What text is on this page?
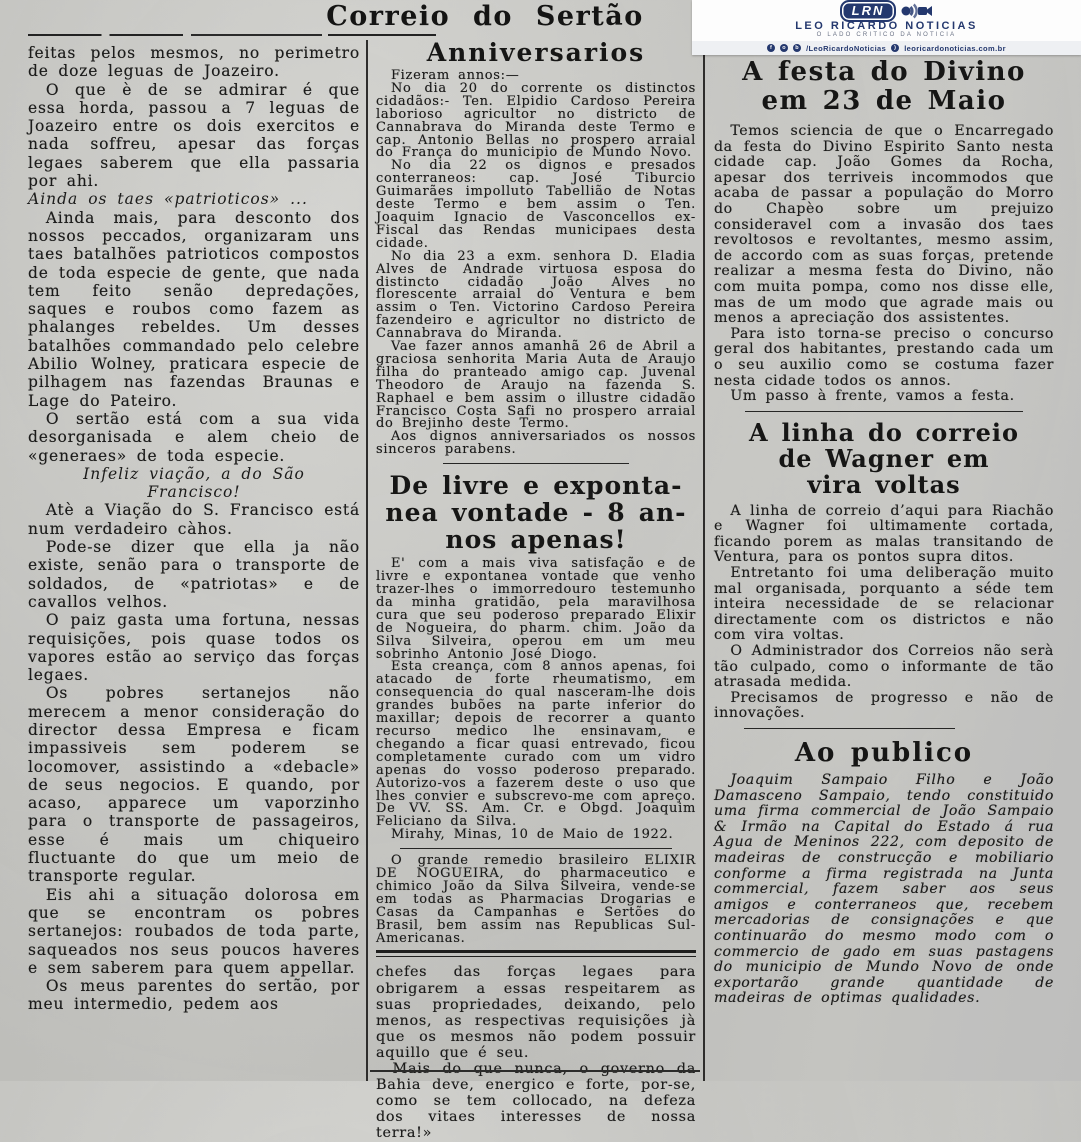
Correio do Sertão	LRN
LEO RICARDO NOTICIAS
O LADO CRITICO DA NOTICIA
f	o	b /LeoRicardoNoticias	)	leoricardonoticias.com.br

feitas pelos mesmos, no perimetro de doze leguas de Joazeiro.

O que è de se admirar é que essa horda, passou a 7 leguas de Joazeiro entre os dois exercitos e nada soffreu, apesar das forças legaes saberem que ella passaria por ahi.

Ainda os taes «patrioticos» ...

Ainda mais, para desconto dos nossos peccados, organizaram uns taes batalhões patrioticos compostos de toda especie de gente, que nada tem feito senão depredações, saques e roubos como fazem as phalanges rebeldes. Um desses batalhões commandado pelo celebre Abilio Wolney, praticara especie de pilhagem nas fazendas Braunas e Lage do Pateiro.

O sertão está com a sua vida desorganisada e alem cheio de «generaes» de toda especie.

Infeliz viação, a do São
Francisco!

Atè a Viação do S. Francisco está num verdadeiro càhos.

Pode-se dizer que ella ja não existe, senão para o transporte de soldados, de «patriotas» e de cavallos velhos.

O paiz gasta uma fortuna, nessas requisições, pois quase todos os vapores estão ao serviço das forças legaes.

Os pobres sertanejos não merecem a menor consideração do director dessa Empresa e ficam impassiveis sem poderem se locomover, assistindo a «debacle» de seus negocios. E quando, por acaso, apparece um vaporzinho para o transporte de passageiros, esse é mais um chiqueiro fluctuante do que um meio de transporte regular.

Eis ahi a situação dolorosa em que se encontram os pobres sertanejos: roubados de toda parte, saqueados nos seus poucos haveres e sem saberem para quem appellar.

Os meus parentes do sertão, por meu intermedio, pedem aos

Anniversarios

Fizeram annos:—

No dia 20 do corrente os distinctos cidadãos:- Ten. Elpidio Cardoso Pereira laborioso agricultor no districto de Cannabrava do Miranda deste Termo e cap. Antonio Bellas no prospero arraial do França do municipio de Mundo Novo.

No dia 22 os dignos e presados conterraneos: cap. José Tiburcio Guimarães impolluto Tabellião de Notas deste Termo e bem assim o Ten. Joaquim Ignacio de Vasconcellos ex-Fiscal das Rendas municipaes desta cidade.

No dia 23 a exm. senhora D. Eladia Alves de Andrade virtuosa esposa do distincto cidadão João Alves no florescente arraial do Ventura e bem assim o Ten. Victorino Cardoso Pereira fazendeiro e agricultor no districto de Cannabrava do Miranda.

Vae fazer annos amanhã 26 de Abril a graciosa senhorita Maria Auta de Araujo filha do pranteado amigo cap. Juvenal Theodoro de Araujo na fazenda S. Raphael e bem assim o illustre cidadão Francisco Costa Safi no prospero arraial do Brejinho deste Termo.

Aos dignos anniversariados os nossos sinceros parabens.

De livre e exponta-
nea vontade - 8 an-
nos apenas!

E' com a mais viva satisfação e de livre e expontanea vontade que venho trazer-lhes o immorredouro testemunho da minha gratidão, pela maravilhosa cura que seu poderoso preparado Elixir de Nogueira, do pharm. chim. João da Silva Silveira, operou em um meu sobrinho Antonio José Diogo.

Esta creança, com 8 annos apenas, foi atacado de forte rheumatismo, em consequencia do qual nasceram-lhe dois grandes bubões na parte inferior do maxillar; depois de recorrer a quanto recurso medico lhe ensinavam, e chegando a ficar quasi entrevado, ficou completamente curado com um vidro apenas do vosso poderoso preparado. Autorizo-vos a fazerem deste o uso que lhes convier e subscrevo-me com apreço. De VV. SS. Am. Cr. e Obgd. Joaquim Feliciano da Silva.

Mirahy, Minas, 10 de Maio de 1922.

O grande remedio brasileiro ELIXIR DE NOGUEIRA, do pharmaceutico e chimico João da Silva Silveira, vende-se em todas as Pharmacias Drogarias e Casas da Campanhas e Sertões do Brasil, bem assim nas Republicas Sul-Americanas.

chefes das forças legaes para obrigarem a essas respeitarem as suas propriedades, deixando, pelo menos, as respectivas requisições jà que os mesmos não podem possuir aquillo que é seu.

Bahia deve, energico e forte, por-se, como se tem collocado, na defeza dos vitaes interesses de nossa terra!»

A festa do Divino
em 23 de Maio

Temos sciencia de que o Encarregado da festa do Divino Espirito Santo nesta cidade cap. João Gomes da Rocha, apesar dos terriveis incommodos que acaba de passar a população do Morro do Chapèo sobre um prejuizo consideravel com a invasão dos taes revoltosos e revoltantes, mesmo assim, de accordo com as suas forças, pretende realizar a mesma festa do Divino, não com muita pompa, como nos disse elle, mas de um modo que agrade mais ou menos a apreciação dos assistentes.

Para isto torna-se preciso o concurso geral dos habitantes, prestando cada um o seu auxilio como se costuma fazer nesta cidade todos os annos.

Um passo à frente, vamos a festa.

A linha do correio
de Wagner em
vira voltas

A linha de correio d’aqui para Riachão e Wagner foi ultimamente cortada, ficando porem as malas transitando de Ventura, para os pontos supra ditos.

Entretanto foi uma deliberação muito mal organisada, porquanto a séde tem inteira necessidade de se relacionar directamente com os districtos e não com vira voltas.

O Administrador dos Correios não serà tão culpado, como o informante de tão atrasada medida.

Precisamos de progresso e não de innovações.

Ao publico

Joaquim Sampaio Filho e João Damasceno Sampaio, tendo constituido uma firma commercial de João Sampaio & Irmão na Capital do Estado á rua Agua de Meninos 222, com deposito de madeiras de construcção e mobiliario conforme a firma registrada na Junta commercial, fazem saber aos seus amigos e conterraneos que, recebem mercadorias de consignações e que continuarão do mesmo modo com o commercio de gado em suas pastagens do municipio de Mundo Novo de onde exportarão grande quantidade de madeiras de optimas qualidades.
